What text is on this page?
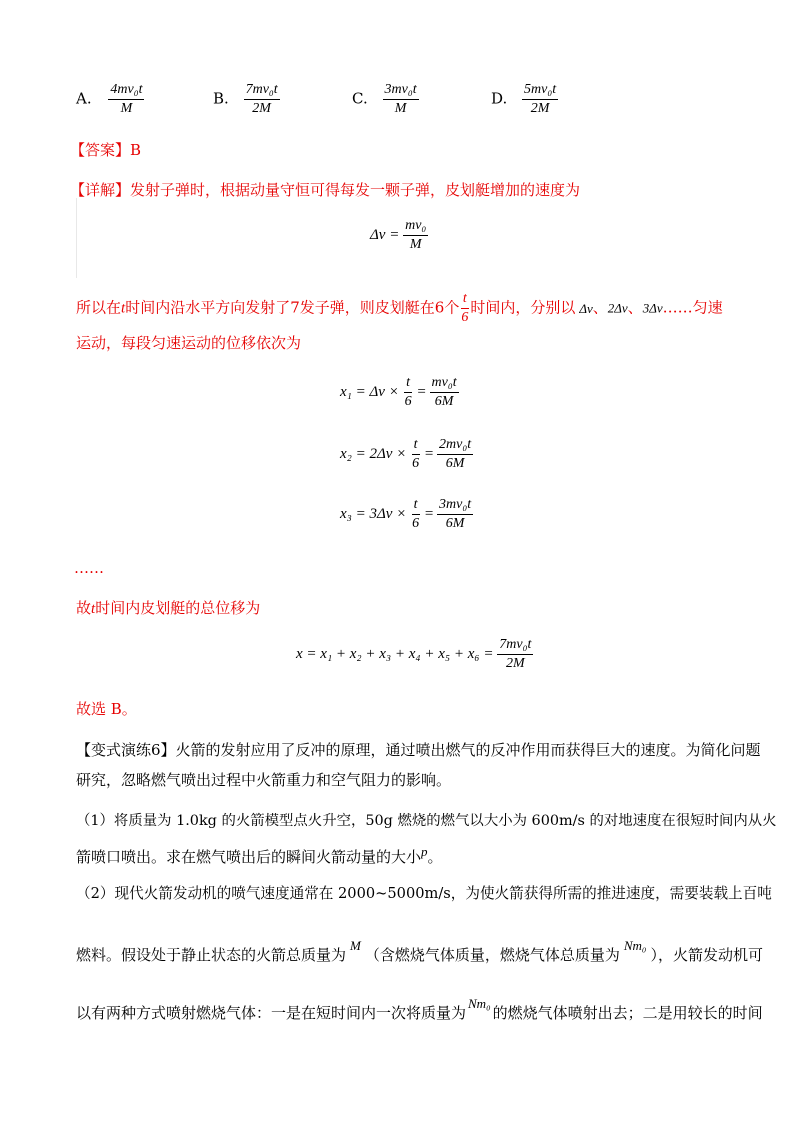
A. $\frac{\text{4mv₀t}}{M}$	B. $\frac{\text{7mv₀t}}{2M}$	C. $\frac{\text{3mv₀t}}{M}$	D. $\frac{\text{5mv₀t}}{2M}$
【答案】B
【详解】发射子弹时，根据动量守恒可得每发一颗子弹，皮划艇增加的速度为
$\Delta v = \frac{\text{mv₀}}{M}$
所以在t时间内沿水平方向发射了7发子弹，则皮划艇在6个 $\frac{t}{6}$ 时间内，分别以 Δv、2Δv、3Δv……匀速
运动，每段匀速运动的位移依次为
$x_1 = \Delta v \times \frac{t}{6} = \frac{\text{mv₀t}}{6M}$
$x_2 = 2\Delta v \times \frac{t}{6} = \frac{\text{2mv₀t}}{6M}$
$x_3 = 3\Delta v \times \frac{t}{6} = \frac{\text{3mv₀t}}{6M}$
……
故t时间内皮划艇的总位移为
$x = x_1 + x_2 + x_3 + x_4 + x_5 + x_6 = \frac{\text{7mv₀t}}{2M}$
故选 B。
【变式演练6】火箭的发射应用了反冲的原理，通过喷出燃气的反冲作用而获得巨大的速度。为简化问题
研究，忽略燃气喷出过程中火箭重力和空气阻力的影响。
（1）将质量为 1.0kg 的火箭模型点火升空，50g 燃烧的燃气以大小为 600m/s 的对地速度在很短时间内从火
箭喷口喷出。求在燃气喷出后的瞬间火箭动量的大小p。
（2）现代火箭发动机的喷气速度通常在 2000~5000m/s，为使火箭获得所需的推进速度，需要装载上百吨
燃料。假设处于静止状态的火箭总质量为M（含燃烧气体质量，燃烧气体总质量为Nm₀），火箭发动机可
以有两种方式喷射燃烧气体：一是在短时间内一次将质量为Nm₀的燃烧气体喷射出去；二是用较长的时间
